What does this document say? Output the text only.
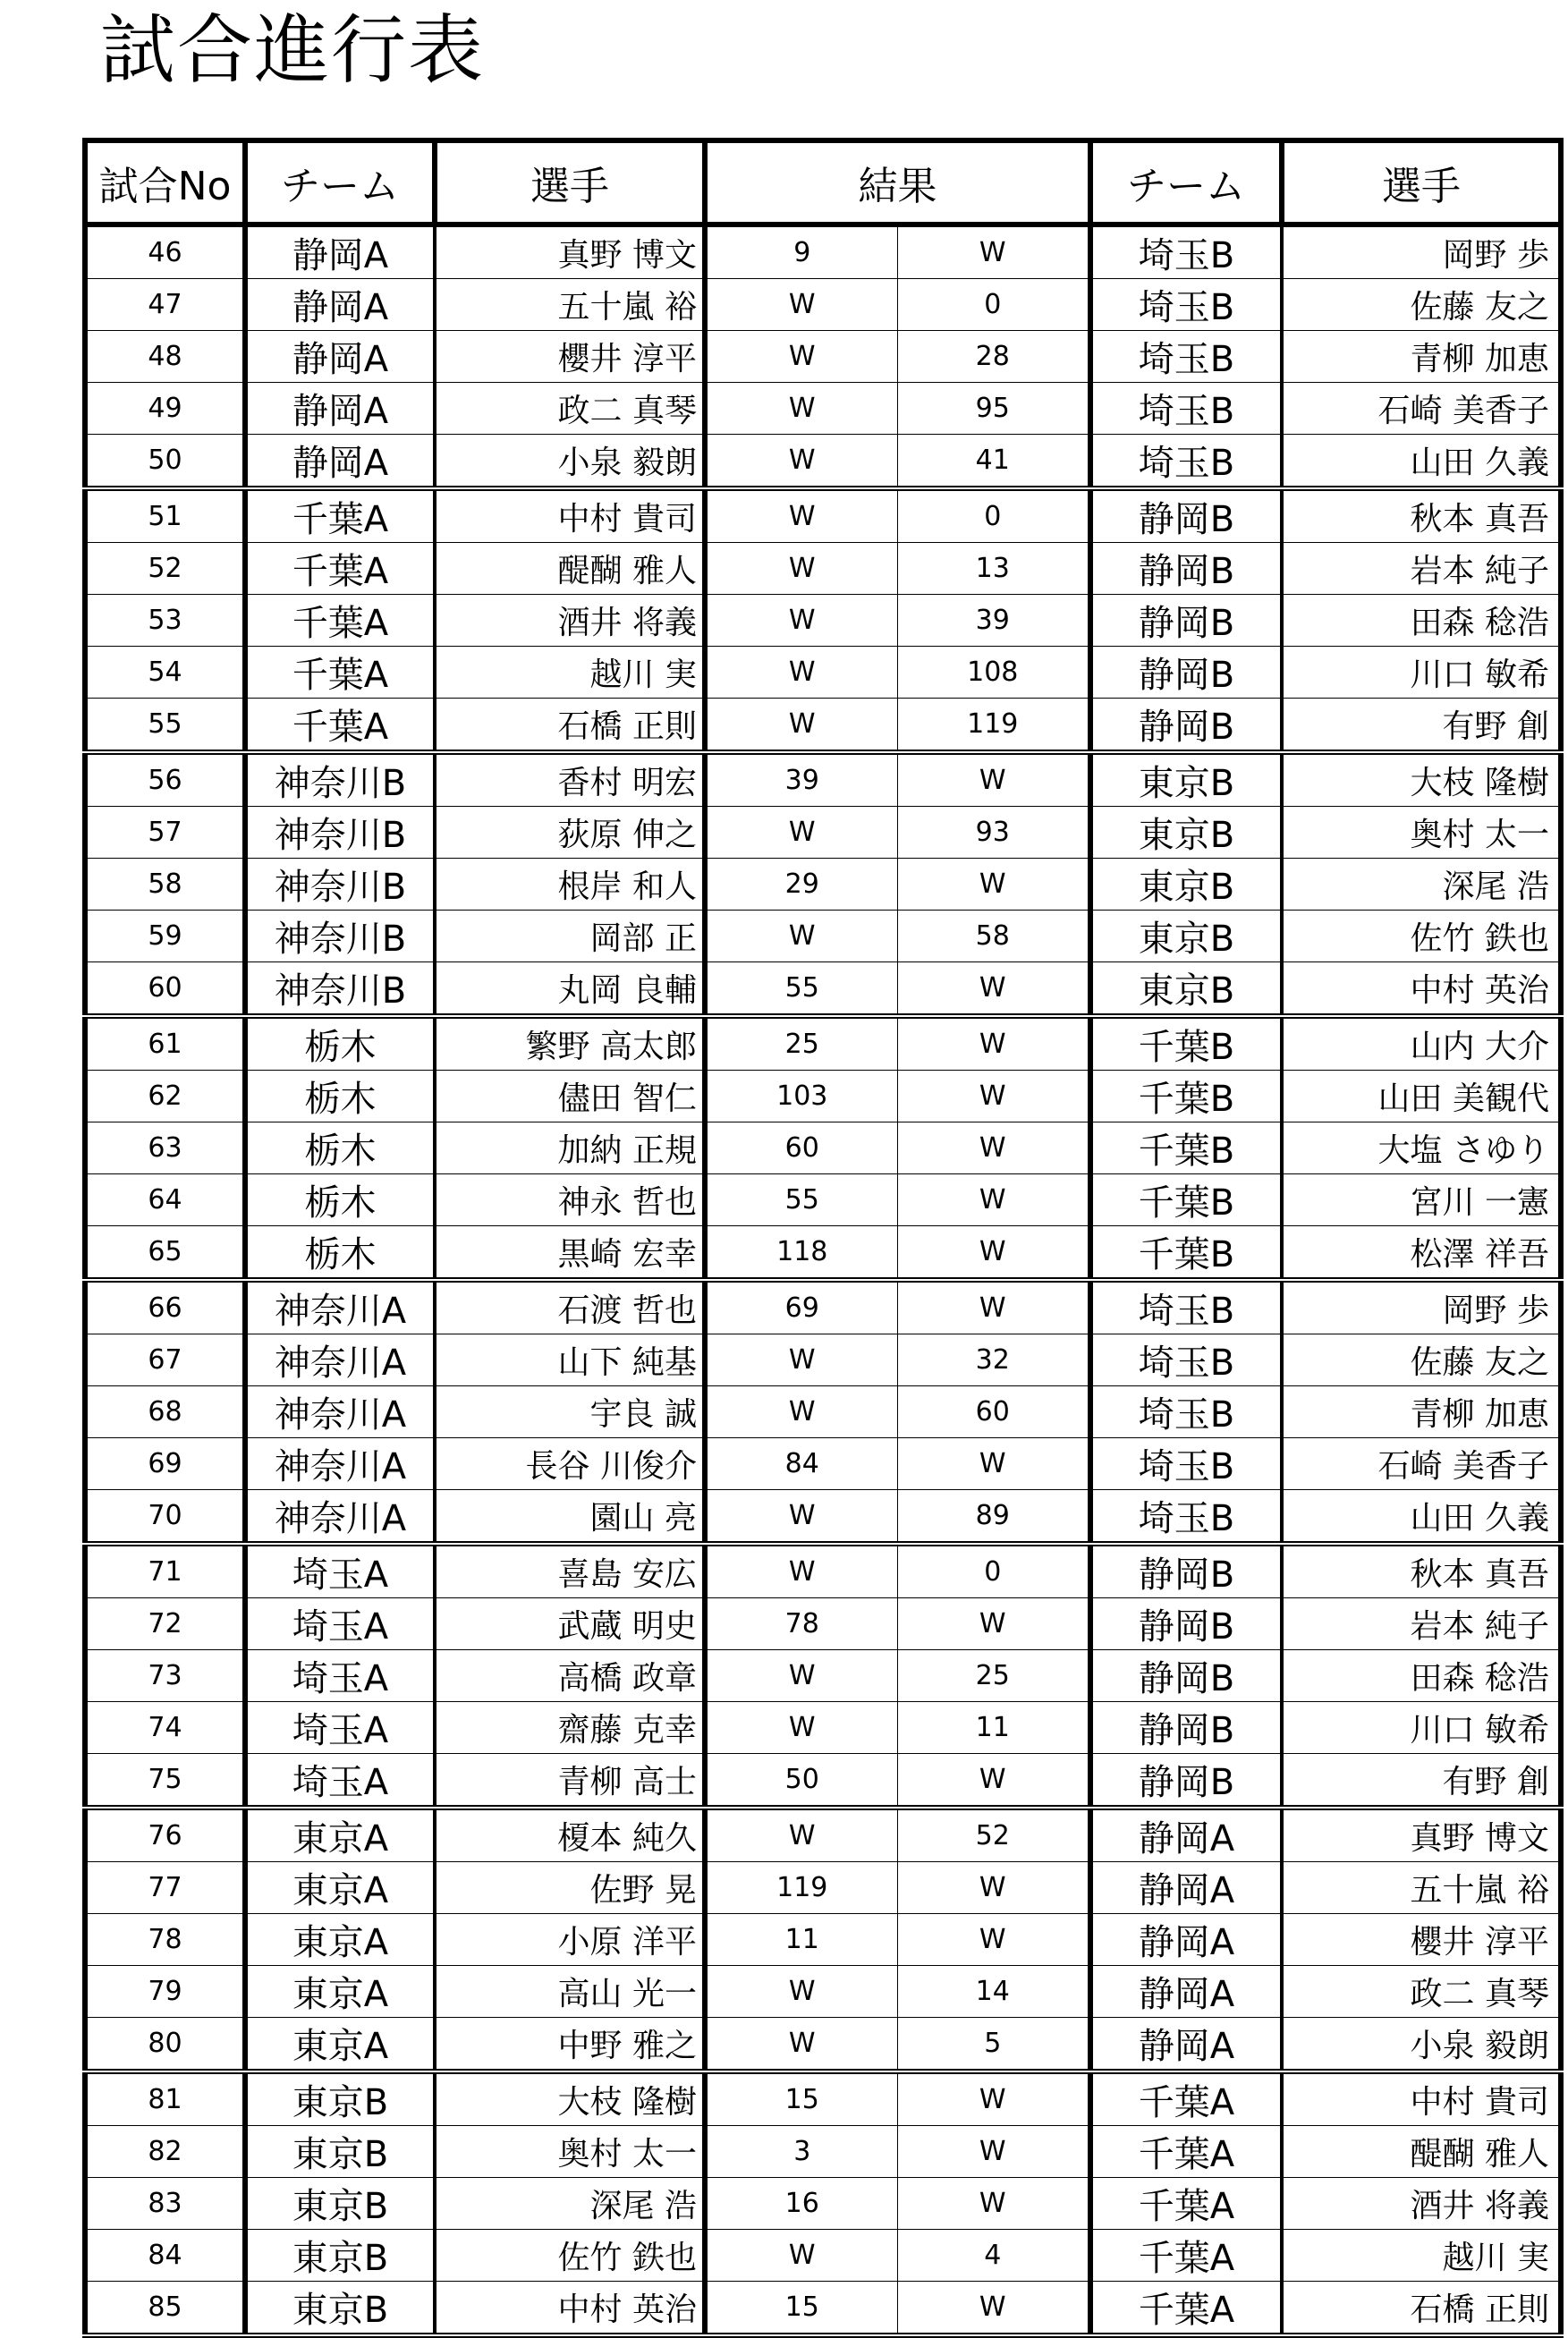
試合進行表
試合No	チーム	選手	結果		チーム	選手
46	静岡A	真野 博文	9	W	埼玉B	岡野 歩
47	静岡A	五十嵐 裕	W	0	埼玉B	佐藤 友之
48	静岡A	櫻井 淳平	W	28	埼玉B	青柳 加恵
49	静岡A	政二 真琴	W	95	埼玉B	石崎 美香子
50	静岡A	小泉 毅朗	W	41	埼玉B	山田 久義
51	千葉A	中村 貴司	W	0	静岡B	秋本 真吾
52	千葉A	醍醐 雅人	W	13	静岡B	岩本 純子
53	千葉A	酒井 将義	W	39	静岡B	田森 稔浩
54	千葉A	越川 実	W	108	静岡B	川口 敏希
55	千葉A	石橋 正則	W	119	静岡B	有野 創
56	神奈川B	香村 明宏	39	W	東京B	大枝 隆樹
57	神奈川B	荻原 伸之	W	93	東京B	奥村 太一
58	神奈川B	根岸 和人	29	W	東京B	深尾 浩
59	神奈川B	岡部 正	W	58	東京B	佐竹 鉄也
60	神奈川B	丸岡 良輔	55	W	東京B	中村 英治
61	栃木	繁野 高太郎	25	W	千葉B	山内 大介
62	栃木	儘田 智仁	103	W	千葉B	山田 美観代
63	栃木	加納 正規	60	W	千葉B	大塩 さゆり
64	栃木	神永 哲也	55	W	千葉B	宮川 一憲
65	栃木	黒崎 宏幸	118	W	千葉B	松澤 祥吾
66	神奈川A	石渡 哲也	69	W	埼玉B	岡野 歩
67	神奈川A	山下 純基	W	32	埼玉B	佐藤 友之
68	神奈川A	宇良 誠	W	60	埼玉B	青柳 加恵
69	神奈川A	長谷 川俊介	84	W	埼玉B	石崎 美香子
70	神奈川A	園山 亮	W	89	埼玉B	山田 久義
71	埼玉A	喜島 安広	W	0	静岡B	秋本 真吾
72	埼玉A	武蔵 明史	78	W	静岡B	岩本 純子
73	埼玉A	高橋 政章	W	25	静岡B	田森 稔浩
74	埼玉A	齋藤 克幸	W	11	静岡B	川口 敏希
75	埼玉A	青柳 高士	50	W	静岡B	有野 創
76	東京A	榎本 純久	W	52	静岡A	真野 博文
77	東京A	佐野 晃	119	W	静岡A	五十嵐 裕
78	東京A	小原 洋平	11	W	静岡A	櫻井 淳平
79	東京A	高山 光一	W	14	静岡A	政二 真琴
80	東京A	中野 雅之	W	5	静岡A	小泉 毅朗
81	東京B	大枝 隆樹	15	W	千葉A	中村 貴司
82	東京B	奥村 太一	3	W	千葉A	醍醐 雅人
83	東京B	深尾 浩	16	W	千葉A	酒井 将義
84	東京B	佐竹 鉄也	W	4	千葉A	越川 実
85	東京B	中村 英治	15	W	千葉A	石橋 正則
